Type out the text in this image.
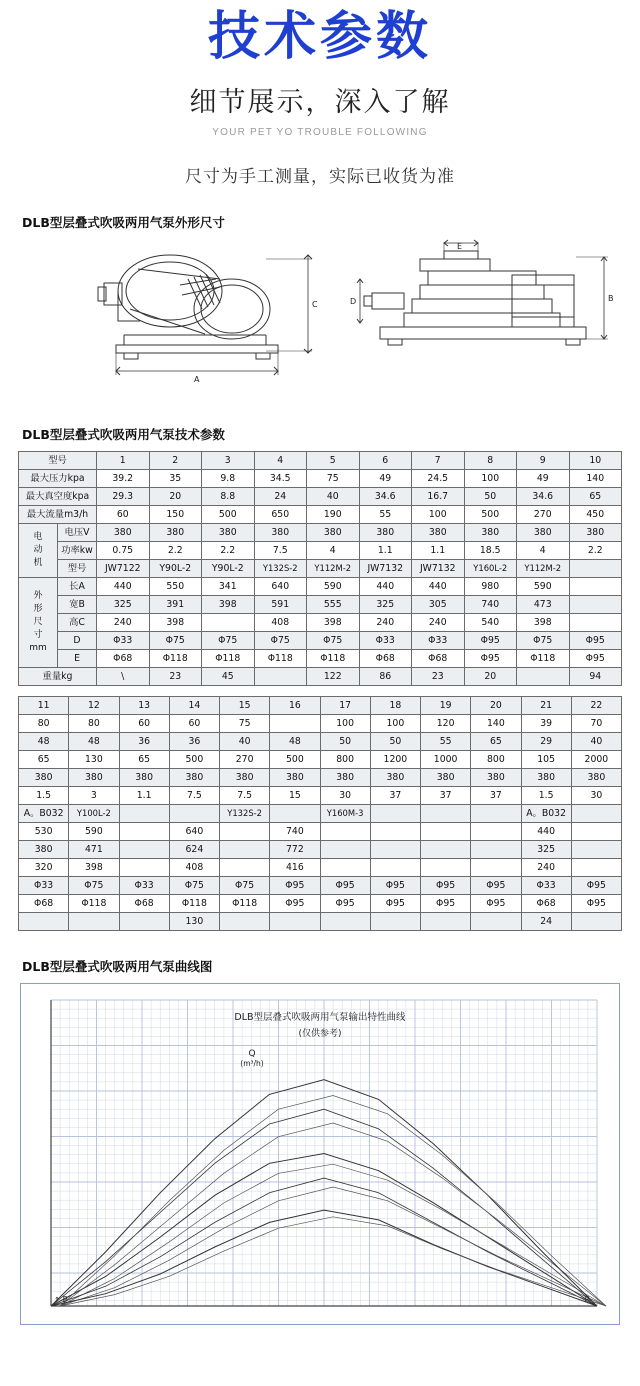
技术参数
细节展示，深入了解
YOUR PET YO TROUBLE FOLLOWING
尺寸为手工测量，实际已收货为准
DLB型层叠式吹吸两用气泵外形尺寸
C
A
E
D	B
DLB型层叠式吹吸两用气泵技术参数
型号		1	2	3	4	5	6	7	8	9	10
最大压力kpa		39.2	35	9.8	34.5	75	49	24.5	100	49	140
最大真空度kpa		29.3	20	8.8	24	40	34.6	16.7	50	34.6	65
最大流量m3/h		60	150	500	650	190	55	100	500	270	450
电
动
机	电压V	380	380	380	380	380	380	380	380	380	380
	功率kw	0.75	2.2	2.2	7.5	4	1.1	1.1	18.5	4	2.2
	型号	JW7122	Y90L-2	Y90L-2	Y132S-2	Y112M-2	JW7132	JW7132	Y160L-2	Y112M-2	
外
形
尺
寸
mm	长A	440	550	341	640	590	440	440	980	590	
	宽B	325	391	398	591	555	325	305	740	473	
	高C	240	398		408	398	240	240	540	398	
	D	Φ33	Φ75	Φ75	Φ75	Φ75	Φ33	Φ33	Φ95	Φ75	Φ95
	E	Φ68	Φ118	Φ118	Φ118	Φ118	Φ68	Φ68	Φ95	Φ118	Φ95
重量kg		\	23	45		122	86	23	20		94
11	12	13	14	15	16	17	18	19	20	21	22
80	80	60	60	75		100	100	120	140	39	70
48	48	36	36	40	48	50	50	55	65	29	40
65	130	65	500	270	500	800	1200	1000	800	105	2000
380	380	380	380	380	380	380	380	380	380	380	380
1.5	3	1.1	7.5	7.5	15	30	37	37	37	1.5	30
A。B032	Y100L-2			Y132S-2		Y160M-3				A。B032	
530	590		640		740					440	
380	471		624		772					325	
320	398		408		416					240	
Φ33	Φ75	Φ33	Φ75	Φ75	Φ95	Φ95	Φ95	Φ95	Φ95	Φ33	Φ95
Φ68	Φ118	Φ68	Φ118	Φ118	Φ95	Φ95	Φ95	Φ95	Φ95	Φ68	Φ95
			130							24	
DLB型层叠式吹吸两用气泵曲线图
DLB型层叠式吹吸两用气泵输出特性曲线
(仅供参考)
Q
(m³/h)
P
↑	P
